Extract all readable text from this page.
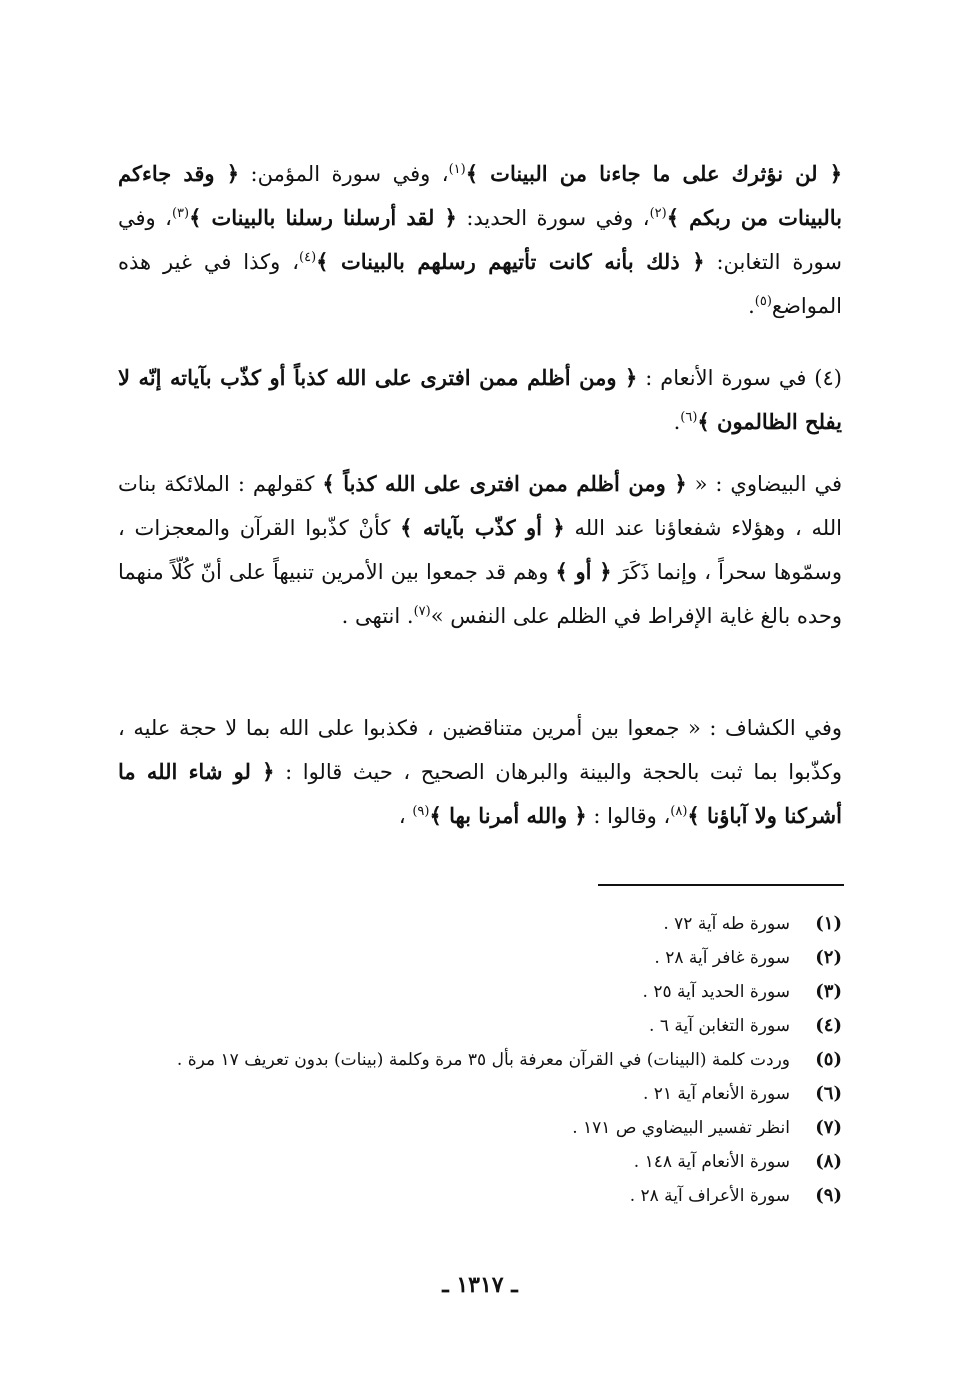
﴿ لن نؤثرك على ما جاءنا من البينات ﴾$^{(١)}$، وفي سورة المؤمن: ﴿ وقد جاءكم بالبينات من ربكم ﴾$^{(٢)}$، وفي سورة الحديد: ﴿ لقد أرسلنا رسلنا بالبينات ﴾$^{(٣)}$، وفي سورة التغابن: ﴿ ذلك بأنه كانت تأتيهم رسلهم بالبينات ﴾$^{(٤)}$، وكذا في غير هذه المواضع$^{(٥)}$.

(٤) في سورة الأنعام : ﴿ ومن أظلم ممن افترى على الله كذباً أو كذّب بآياته إنّه لا يفلح الظالمون ﴾$^{(٦)}$.

في البيضاوي : « ﴿ ومن أظلم ممن افترى على الله كذباً ﴾ كقولهم : الملائكة بنات الله ، وهؤلاء شفعاؤنا عند الله ﴿ أو كذّب بآياته ﴾ كأنْ كذّبوا القرآن والمعجزات ، وسمّوها سحراً ، وإنما ذَكَرَ ﴿ أو ﴾ وهم قد جمعوا بين الأمرين تنبيهاً على أنّ كُلّاً منهما وحده بالغ غاية الإفراط في الظلم على النفس »$^{(٧)}$. انتهى .

وفي الكشاف : « جمعوا بين أمرين متناقضين ، فكذبوا على الله بما لا حجة عليه ، وكذّبوا بما ثبت بالحجة والبينة والبرهان الصحيح ، حيث قالوا : ﴿ لو شاء الله ما أشركنا ولا آباؤنا ﴾$^{(٨)}$، وقالوا : ﴿ والله أمرنا بها ﴾$^{(٩)}$ ،

(١)
سورة طه آية ٧٢ .
(٢)
سورة غافر آية ٢٨ .
(٣)
سورة الحديد آية ٢٥ .
(٤)
سورة التغابن آية ٦ .
(٥)
وردت كلمة (البينات) في القرآن معرفة بأل ٣٥ مرة وكلمة (بينات) بدون تعريف ١٧ مرة .
(٦)
سورة الأنعام آية ٢١ .
(٧)
انظر تفسير البيضاوي ص ١٧١ .
(٨)
سورة الأنعام آية ١٤٨ .
(٩)
سورة الأعراف آية ٢٨ .
ـ ١٣١٧ ـ
